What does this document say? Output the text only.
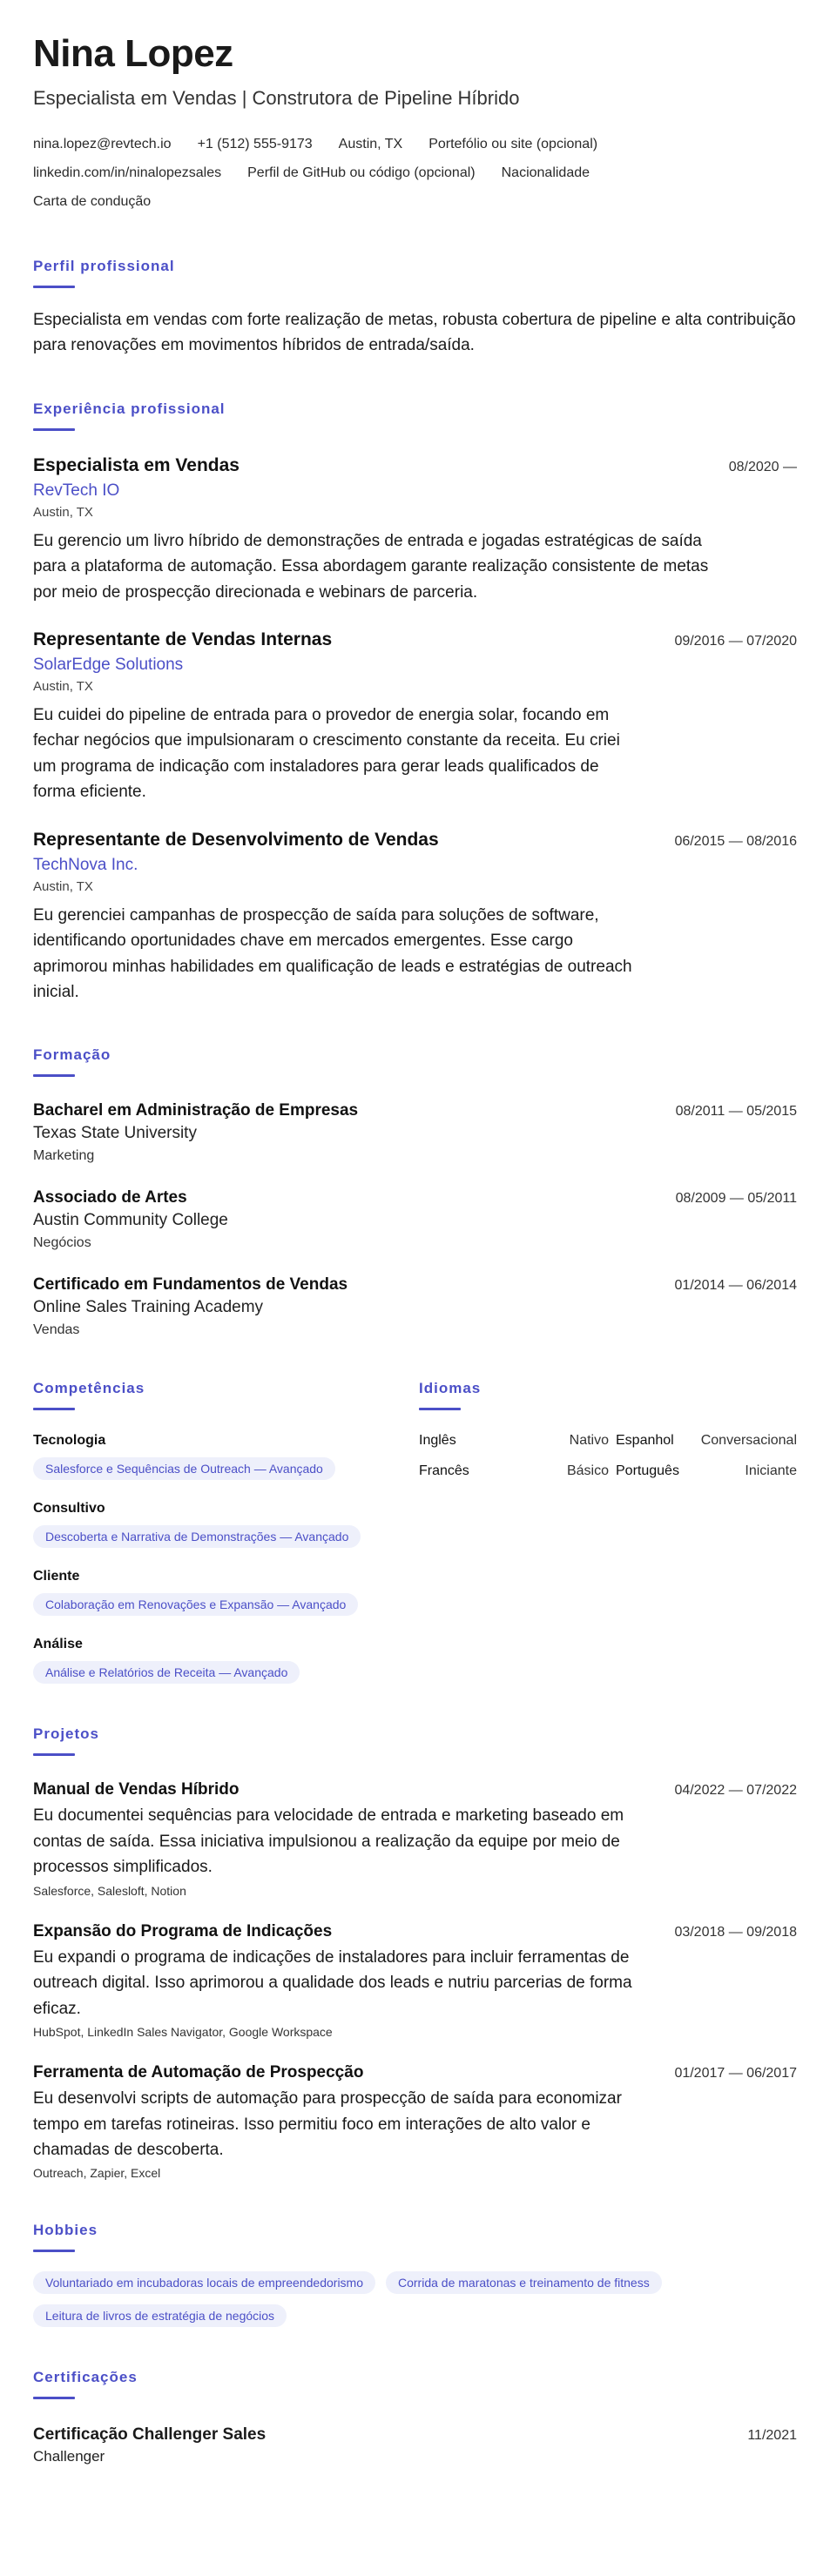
Nina Lopez
Especialista em Vendas | Construtora de Pipeline Híbrido
nina.lopez@revtech.io +1 (512) 555-9173 Austin, TX Portefólio ou site (opcional)
linkedin.com/in/ninalopezsales Perfil de GitHub ou código (opcional) Nacionalidade
Carta de condução
Perfil profissional

Especialista em vendas com forte realização de metas, robusta cobertura de pipeline e alta contribuição para renovações em movimentos híbridos de entrada/saída.

Experiência profissional
Especialista em Vendas	08/2020 —
RevTech IO
Austin, TX

Eu gerencio um livro híbrido de demonstrações de entrada e jogadas estratégicas de saída para a plataforma de automação. Essa abordagem garante realização consistente de metas por meio de prospecção direcionada e webinars de parceria.

Representante de Vendas Internas	09/2016 — 07/2020
SolarEdge Solutions
Austin, TX

Eu cuidei do pipeline de entrada para o provedor de energia solar, focando em fechar negócios que impulsionaram o crescimento constante da receita. Eu criei um programa de indicação com instaladores para gerar leads qualificados de forma eficiente.

Representante de Desenvolvimento de Vendas	06/2015 — 08/2016
TechNova Inc.
Austin, TX

Eu gerenciei campanhas de prospecção de saída para soluções de software, identificando oportunidades chave em mercados emergentes. Esse cargo aprimorou minhas habilidades em qualificação de leads e estratégias de outreach inicial.

Formação
Bacharel em Administração de Empresas	08/2011 — 05/2015
Texas State University
Marketing
Associado de Artes	08/2009 — 05/2011
Austin Community College
Negócios
Certificado em Fundamentos de Vendas	01/2014 — 06/2014
Online Sales Training Academy
Vendas
Competências
Tecnologia
Salesforce e Sequências de Outreach — Avançado
Consultivo
Descoberta e Narrativa de Demonstrações — Avançado
Cliente
Colaboração em Renovações e Expansão — Avançado
Análise
Análise e Relatórios de Receita — Avançado
Idiomas
Inglês	Nativo Espanhol	Conversacional
Francês	Básico Português	Iniciante
Projetos
Manual de Vendas Híbrido	04/2022 — 07/2022

Eu documentei sequências para velocidade de entrada e marketing baseado em contas de saída. Essa iniciativa impulsionou a realização da equipe por meio de processos simplificados.

Salesforce, Salesloft, Notion
Expansão do Programa de Indicações	03/2018 — 09/2018

Eu expandi o programa de indicações de instaladores para incluir ferramentas de outreach digital. Isso aprimorou a qualidade dos leads e nutriu parcerias de forma eficaz.

HubSpot, LinkedIn Sales Navigator, Google Workspace
Ferramenta de Automação de Prospecção	01/2017 — 06/2017

Eu desenvolvi scripts de automação para prospecção de saída para economizar tempo em tarefas rotineiras. Isso permitiu foco em interações de alto valor e chamadas de descoberta.

Outreach, Zapier, Excel
Hobbies
Voluntariado em incubadoras locais de empreendedorismo	Corrida de maratonas e treinamento de fitness
Leitura de livros de estratégia de negócios
Certificações
Certificação Challenger Sales	11/2021
Challenger
